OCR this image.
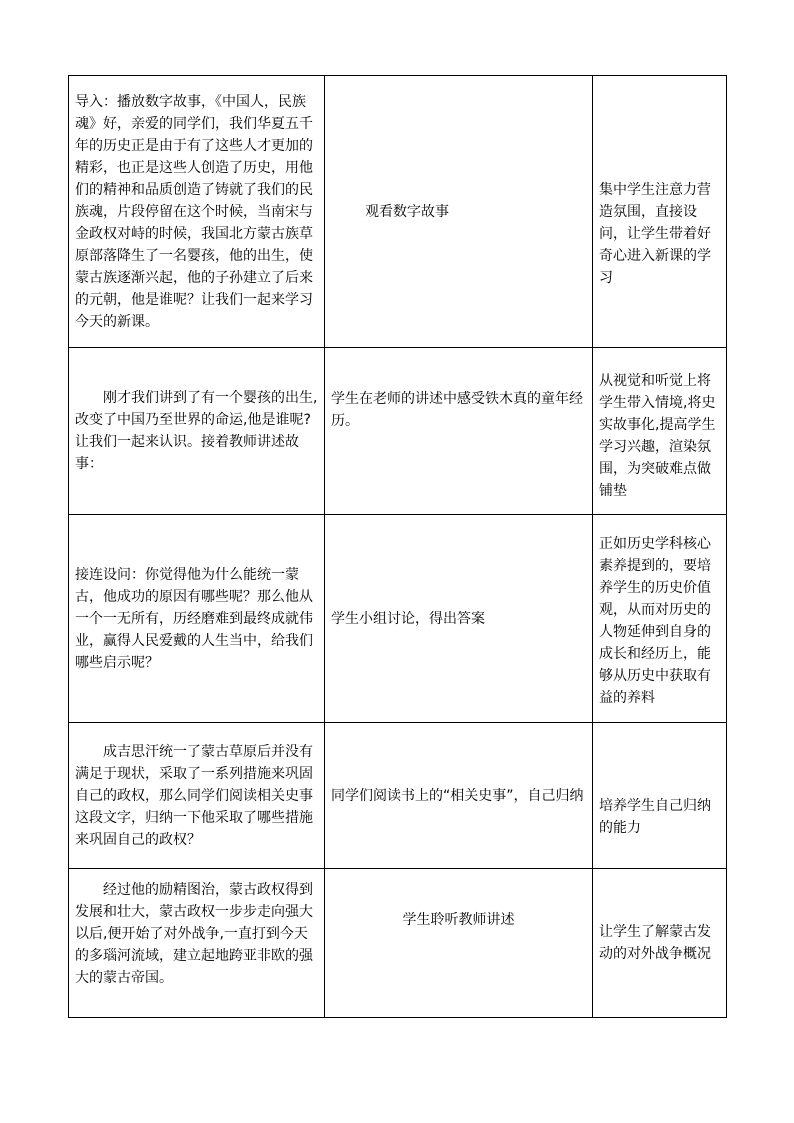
导入：播放数字故事，《中国人，民族魂》好，亲爱的同学们，我们华夏五千年的历史正是由于有了这些人才更加的精彩，也正是这些人创造了历史，用他们的精神和品质创造了铸就了我们的民族魂，片段停留在这个时候，当南宋与金政权对峙的时候，我国北方蒙古族草原部落降生了一名婴孩，他的出生，使蒙古族逐渐兴起，他的子孙建立了后来的元朝，他是谁呢？让我们一起来学习今天的新课。	观看数字故事	集中学生注意力营造氛围，直接设问，让学生带着好奇心进入新课的学习
刚才我们讲到了有一个婴孩的出生,改变了中国乃至世界的命运,他是谁呢?让我们一起来认识。接着教师讲述故事：	学生在老师的讲述中感受铁木真的童年经历。	从视觉和听觉上将学生带入情境,将史实故事化,提高学生学习兴趣，渲染氛围，为突破难点做铺垫
接连设问：你觉得他为什么能统一蒙古，他成功的原因有哪些呢？那么他从一个一无所有，历经磨难到最终成就伟业，赢得人民爱戴的人生当中，给我们哪些启示呢？	学生小组讨论，得出答案	正如历史学科核心素养提到的，要培养学生的历史价值观，从而对历史的人物延伸到自身的成长和经历上，能够从历史中获取有益的养料
成吉思汗统一了蒙古草原后并没有满足于现状，采取了一系列措施来巩固自己的政权，那么同学们阅读相关史事这段文字，归纳一下他采取了哪些措施来巩固自己的政权？	同学们阅读书上的“相关史事”，自己归纳	培养学生自己归纳的能力
经过他的励精图治，蒙古政权得到发展和壮大，蒙古政权一步步走向强大以后,便开始了对外战争,一直打到今天的多瑙河流域，建立起地跨亚非欧的强大的蒙古帝国。	学生聆听教师讲述	让学生了解蒙古发动的对外战争概况
